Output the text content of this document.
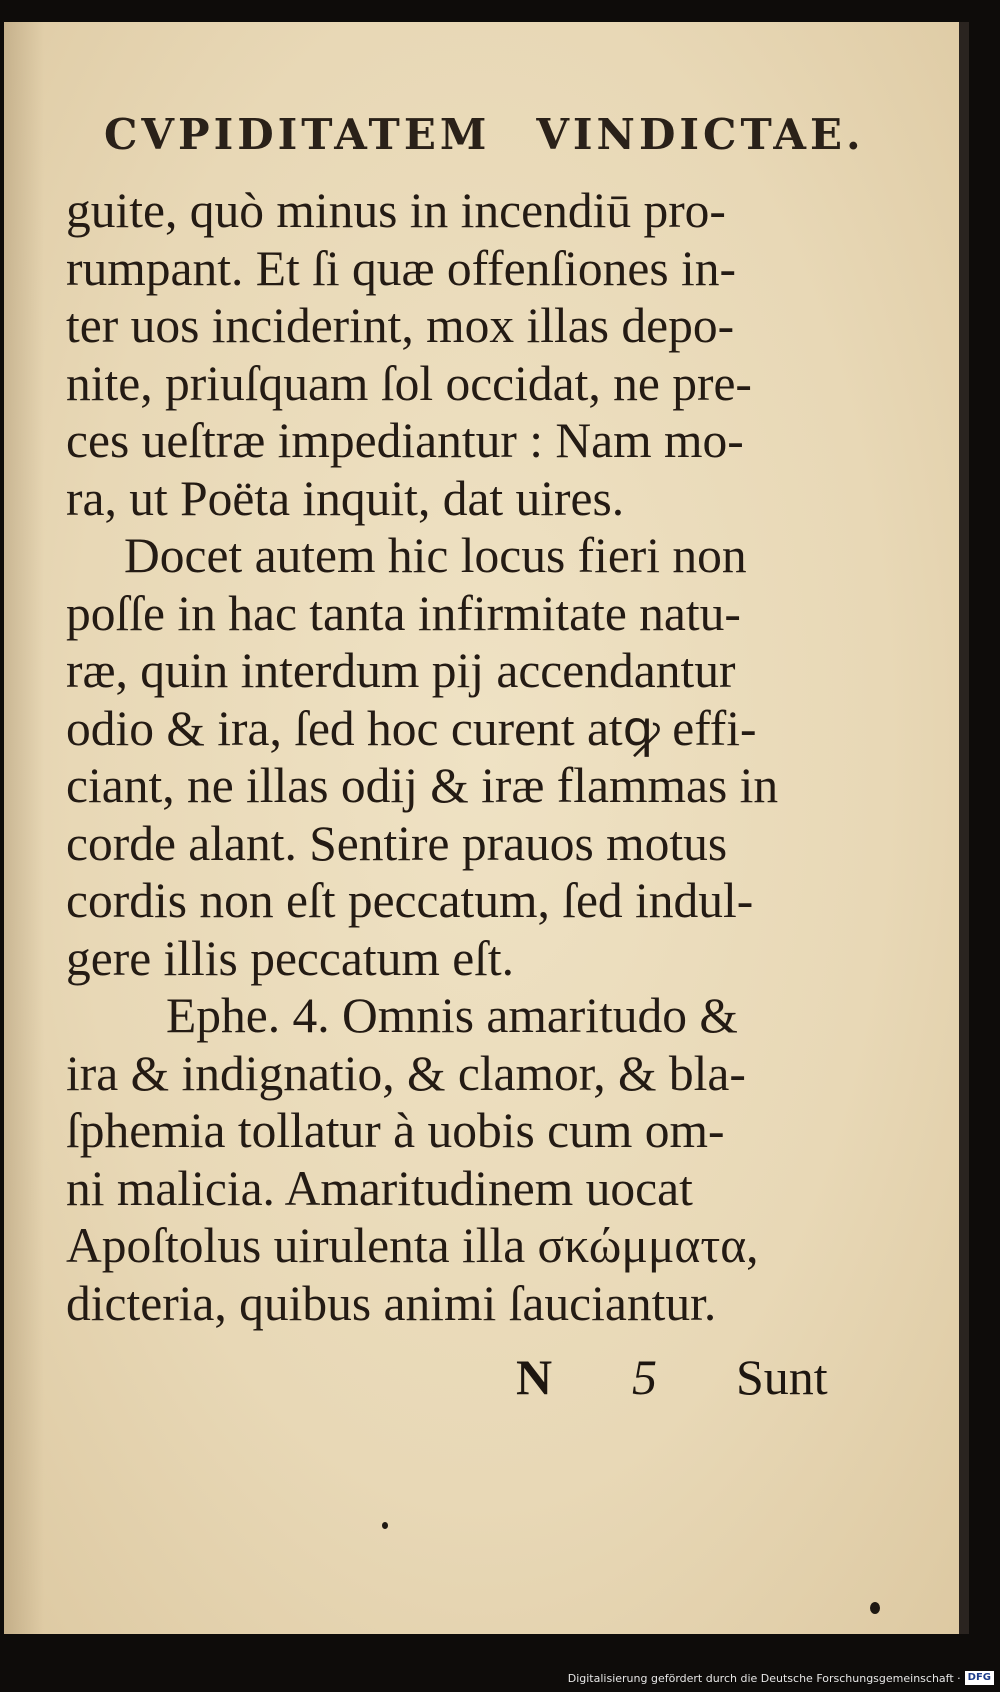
CVPIDITATEM VINDICTAE.
guite, quò minus in incendiū pro-
rumpant. Et ſi quæ offenſiones in-
ter uos inciderint, mox illas depo-
nite, priuſquam ſol occidat, ne pre-
ces ueſtræ impediantur : Nam mo-
ra, ut Poëta inquit, dat uires.
Docet autem hic locus fieri non
poſſe in hac tanta infirmitate natu-
ræ, quin interdum pij accendantur
odio & ira, ſed hoc curent atꝙ effi-
ciant, ne illas odij & iræ flammas in
corde alant. Sentire prauos motus
cordis non eſt peccatum, ſed indul-
gere illis peccatum eſt.
Ephe. 4. Omnis amaritudo &
ira & indignatio, & clamor, & bla-
ſphemia tollatur à uobis cum om-
ni malicia. Amaritudinem uocat
Apoſtolus uirulenta illa σκώμματα,
dicteria, quibus animi ſauciantur.
N 5 Sunt
Digitalisierung gefördert durch die Deutsche Forschungsgemeinschaft · DFG
